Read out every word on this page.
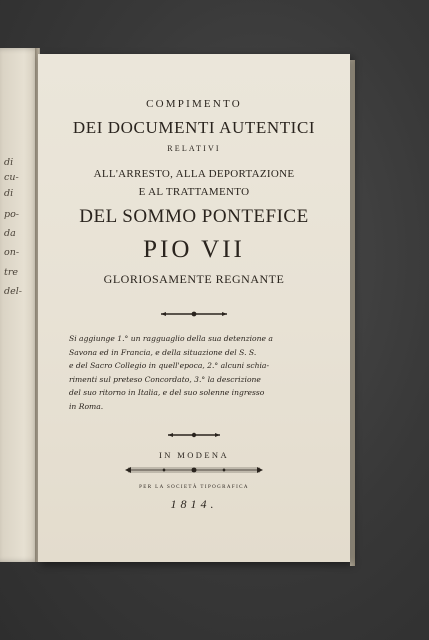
di
cu-
di
po-
da
on-
tre
del-
COMPIMENTO
DEI DOCUMENTI AUTENTICI
RELATIVI
ALL'ARRESTO, ALLA DEPORTAZIONE
E AL TRATTAMENTO
DEL SOMMO PONTEFICE
PIO VII
GLORIOSAMENTE REGNANTE
Si aggiunge 1.° un ragguaglio della sua detenzione a
Savona ed in Francia, e della situazione del S. S.
e del Sacro Collegio in quell'epoca, 2.° alcuni schia-
rimenti sul preteso Concordato, 3.° la descrizione
del suo ritorno in Italia, e del suo solenne ingresso
in Roma.
IN MODENA
PER LA SOCIETÀ TIPOGRAFICA
1814.
